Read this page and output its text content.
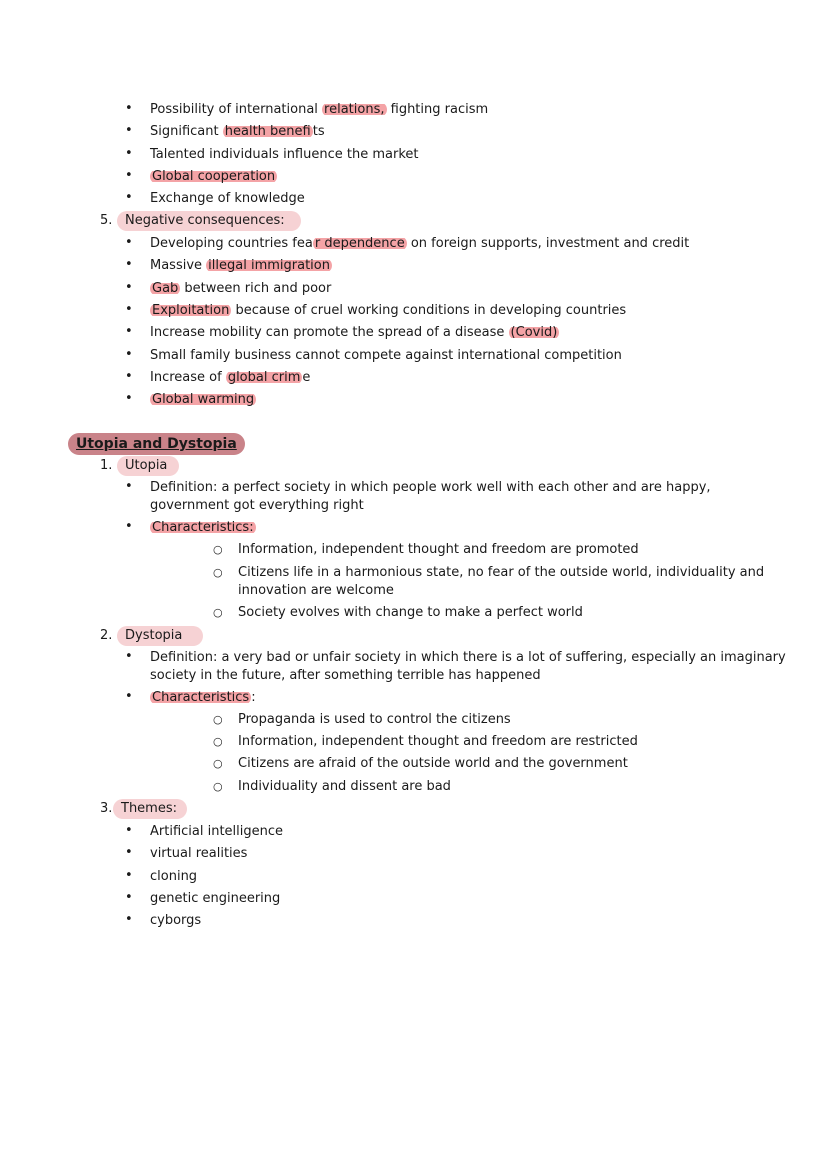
• Possibility of international relations, fighting racism
• Significant health benefi ts
• Talented individuals influence the market
• Global cooperation
• Exchange of knowledge
5. Negative consequences:
• Developing countries fea r dependence on foreign supports, investment and credit
• Massive illegal immigration
• Gab between rich and poor
• Exploitation because of cruel working conditions in developing countries
• Increase mobility can promote the spread of a disease (Covid)
• Small family business cannot compete against international competition
• Increase of global crim e
• Global warming
Utopia and Dystopia
1. Utopia
• Definition: a perfect society in which people work well with each other and are happy,
government got everything right
• Characteristics:
○ Information, independent thought and freedom are promoted
○ Citizens life in a harmonious state, no fear of the outside world, individuality and
innovation are welcome
○ Society evolves with change to make a perfect world
2. Dystopia
• Definition: a very bad or unfair society in which there is a lot of suffering, especially an imaginary
society in the future, after something terrible has happened
• Characteristics :
○ Propaganda is used to control the citizens
○ Information, independent thought and freedom are restricted
○ Citizens are afraid of the outside world and the government
○ Individuality and dissent are bad
3. Themes:
• Artificial intelligence
• virtual realities
• cloning
• genetic engineering
• cyborgs
